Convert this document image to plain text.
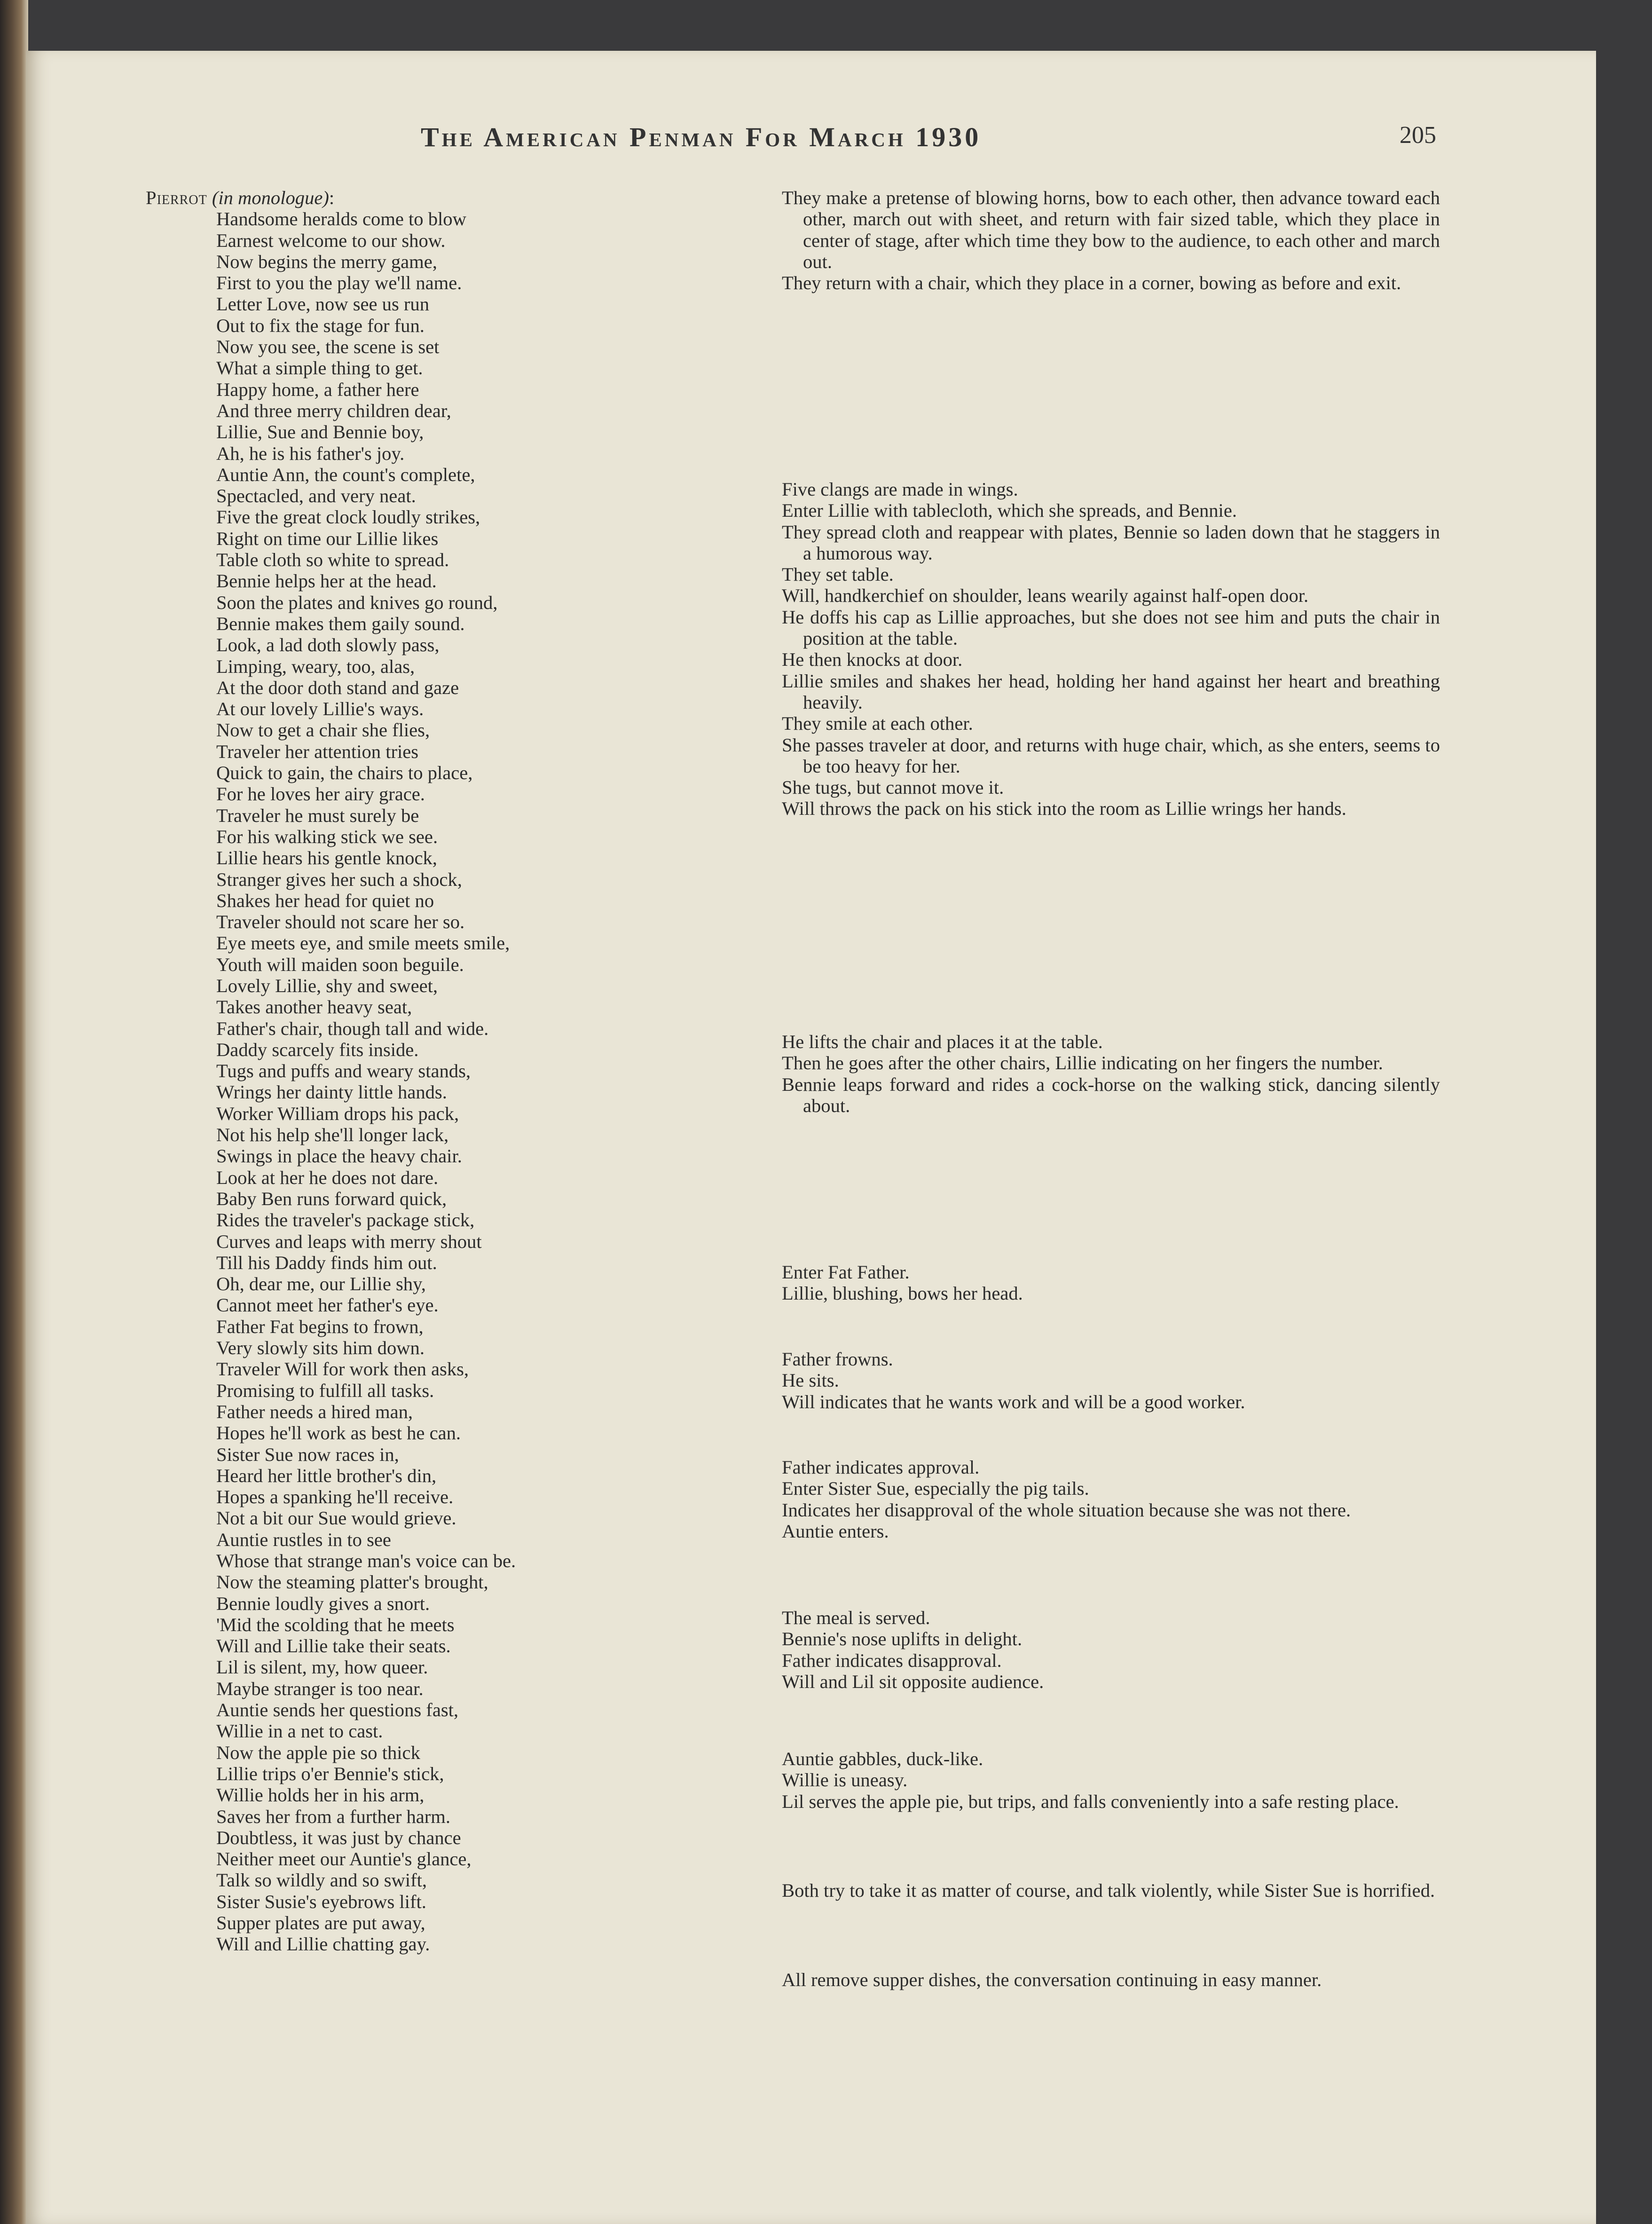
The American Penman For March 1930	205

Pierrot (in monologue):

Handsome heralds come to blow
Earnest welcome to our show.
Now begins the merry game,
First to you the play we'll name.
Letter Love, now see us run
Out to fix the stage for fun.
Now you see, the scene is set
What a simple thing to get.
Happy home, a father here
And three merry children dear,
Lillie, Sue and Bennie boy,
Ah, he is his father's joy.
Auntie Ann, the count's complete,
Spectacled, and very neat.
Five the great clock loudly strikes,
Right on time our Lillie likes
Table cloth so white to spread.
Bennie helps her at the head.
Soon the plates and knives go round,
Bennie makes them gaily sound.
Look, a lad doth slowly pass,
Limping, weary, too, alas,
At the door doth stand and gaze
At our lovely Lillie's ways.
Now to get a chair she flies,
Traveler her attention tries
Quick to gain, the chairs to place,
For he loves her airy grace.
Traveler he must surely be
For his walking stick we see.
Lillie hears his gentle knock,
Stranger gives her such a shock,
Shakes her head for quiet no
Traveler should not scare her so.
Eye meets eye, and smile meets smile,
Youth will maiden soon beguile.
Lovely Lillie, shy and sweet,
Takes another heavy seat,
Father's chair, though tall and wide.
Daddy scarcely fits inside.
Tugs and puffs and weary stands,
Wrings her dainty little hands.
Worker William drops his pack,
Not his help she'll longer lack,
Swings in place the heavy chair.
Look at her he does not dare.
Baby Ben runs forward quick,
Rides the traveler's package stick,
Curves and leaps with merry shout
Till his Daddy finds him out.
Oh, dear me, our Lillie shy,
Cannot meet her father's eye.
Father Fat begins to frown,
Very slowly sits him down.
Traveler Will for work then asks,
Promising to fulfill all tasks.
Father needs a hired man,
Hopes he'll work as best he can.
Sister Sue now races in,
Heard her little brother's din,
Hopes a spanking he'll receive.
Not a bit our Sue would grieve.
Auntie rustles in to see
Whose that strange man's voice can be.
Now the steaming platter's brought,
Bennie loudly gives a snort.
'Mid the scolding that he meets
Will and Lillie take their seats.
Lil is silent, my, how queer.
Maybe stranger is too near.
Auntie sends her questions fast,
Willie in a net to cast.
Now the apple pie so thick
Lillie trips o'er Bennie's stick,
Willie holds her in his arm,
Saves her from a further harm.
Doubtless, it was just by chance
Neither meet our Auntie's glance,
Talk so wildly and so swift,
Sister Susie's eyebrows lift.
Supper plates are put away,
Will and Lillie chatting gay.
They make a pretense of blowing horns, bow to each other, then advance toward each other, march out with sheet, and return with fair sized table, which they place in center of stage, after which time they bow to the audience, to each other and march out.
They return with a chair, which they place in a corner, bowing as before and exit.
Five clangs are made in wings.
Enter Lillie with tablecloth, which she spreads, and Bennie.
They spread cloth and reappear with plates, Bennie so laden down that he staggers in a humorous way.
They set table.
Will, handkerchief on shoulder, leans wearily against half-open door.
He doffs his cap as Lillie approaches, but she does not see him and puts the chair in position at the table.
He then knocks at door.
Lillie smiles and shakes her head, holding her hand against her heart and breathing heavily.
They smile at each other.
She passes traveler at door, and returns with huge chair, which, as she enters, seems to be too heavy for her.
She tugs, but cannot move it.
Will throws the pack on his stick into the room as Lillie wrings her hands.
He lifts the chair and places it at the table.
Then he goes after the other chairs, Lillie indicating on her fingers the number.
Bennie leaps forward and rides a cock-horse on the walking stick, dancing silently about.
Enter Fat Father.
Lillie, blushing, bows her head.
Father frowns.
He sits.
Will indicates that he wants work and will be a good worker.
Father indicates approval.
Enter Sister Sue, especially the pig tails.
Indicates her disapproval of the whole situation because she was not there.
Auntie enters.
The meal is served.
Bennie's nose uplifts in delight.
Father indicates disapproval.
Will and Lil sit opposite audience.
Auntie gabbles, duck-like.
Willie is uneasy.
Lil serves the apple pie, but trips, and falls conveniently into a safe resting place.
Both try to take it as matter of course, and talk violently, while Sister Sue is horrified.
All remove supper dishes, the conversation continuing in easy manner.
